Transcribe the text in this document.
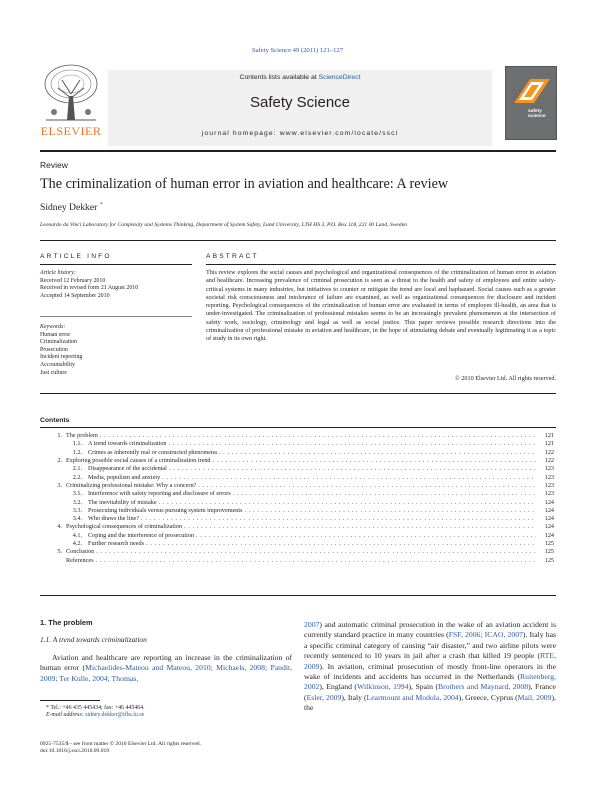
Safety Science 49 (2011) 121–127
ELSEVIER
Contents lists available at ScienceDirect
Safety Science
journal homepage: www.elsevier.com/locate/ssci
safety
science
Review
The criminalization of human error in aviation and healthcare: A review
Sidney Dekker *
Leonardo da Vinci Laboratory for Complexity and Systems Thinking, Department of System Safety, Lund University, LTH HS 3, P.O. Box 118, 221 00 Lund, Sweden
ARTICLE INFO	ABSTRACT
Article history:
Received 12 February 2010
Received in revised form 21 August 2010
Accepted 14 September 2010
Keywords:
Human error
Criminalization
Prosecution
Incident reporting
Accountability
Just culture
This review explores the social causes and psychological and organizational consequences of the criminalization of human error in aviation and healthcare. Increasing prevalence of criminal prosecution is seen as a threat to the health and safety of employees and entire safety-critical systems in many industries, but initiatives to counter or mitigate the trend are local and haphazard. Social causes such as a greater societal risk consciousness and intolerance of failure are examined, as well as organizational consequences for disclosure and incident reporting. Psychological consequences of the criminalization of human error are evaluated in terms of employee ill-health, an area that is under-investigated. The criminalization of professional mistakes seems to be an increasingly prevalent phenomenon at the intersection of safety work, sociology, criminology and legal as well as social justice. This paper reviews possible research directions into the criminalization of professional mistake in aviation and healthcare, in the hope of stimulating debate and eventually legitimating it as a topic of study in its own right.
© 2010 Elsevier Ltd. All rights reserved.
Contents
1. The problem . . .	121
1.1. A trend towards criminalization . . .	121
1.2. Crimes as inherently real or constructed phenomena . . .	122
2. Exploring possible social causes of a criminalization trend . . .	122
2.1. Disappearance of the accidental . . .	123
2.2. Media, populism and anxiety . . .	123
3. Criminalizing professional mistake: Why a concern? . . .	123
3.1. Interference with safety reporting and disclosure of errors . . .	123
3.2. The inevitability of mistake . . .	124
3.3. Prosecuting individuals versus pursuing system improvements . . .	124
3.4. Who draws the line? . . .	124
4. Psychological consequences of criminalization . . .	124
4.1. Coping and the interference of prosecution . . .	124
4.2. Further research needs . . .	125
5. Conclusion . . .	125
References . . .	125
1. The problem
1.1. A trend towards criminalization
Aviation and healthcare are reporting an increase in the criminalization of human error (Michaelides-Mateou and Mateou, 2010; Michaels, 2008; Pandit, 2009; Ter Kulle, 2004; Thomas,
* Tel.: +46 435 445434; fax: +46 445464.
E-mail address: sidney.dekker@tfhs.lu.se
0925-7535/$ - see front matter © 2010 Elsevier Ltd. All rights reserved.
doi:10.1016/j.ssci.2010.09.010
2007) and automatic criminal prosecution in the wake of an aviation accident is currently standard practice in many countries (FSF, 2006; ICAO, 2007). Italy has a specific criminal category of causing “air disaster,” and two airline pilots were recently sentenced to 10 years in jail after a crash that killed 19 people (RTE, 2009). In aviation, criminal prosecution of mostly front-line operators in the wake of incidents and accidents has occurred in the Netherlands (Ruitenberg, 2002), England (Wilkinson, 1994), Spain (Brothers and Maynard, 2008), France (Esler, 2009), Italy (Learmount and Modola, 2004), Greece, Cyprus (Mail, 2009), the
